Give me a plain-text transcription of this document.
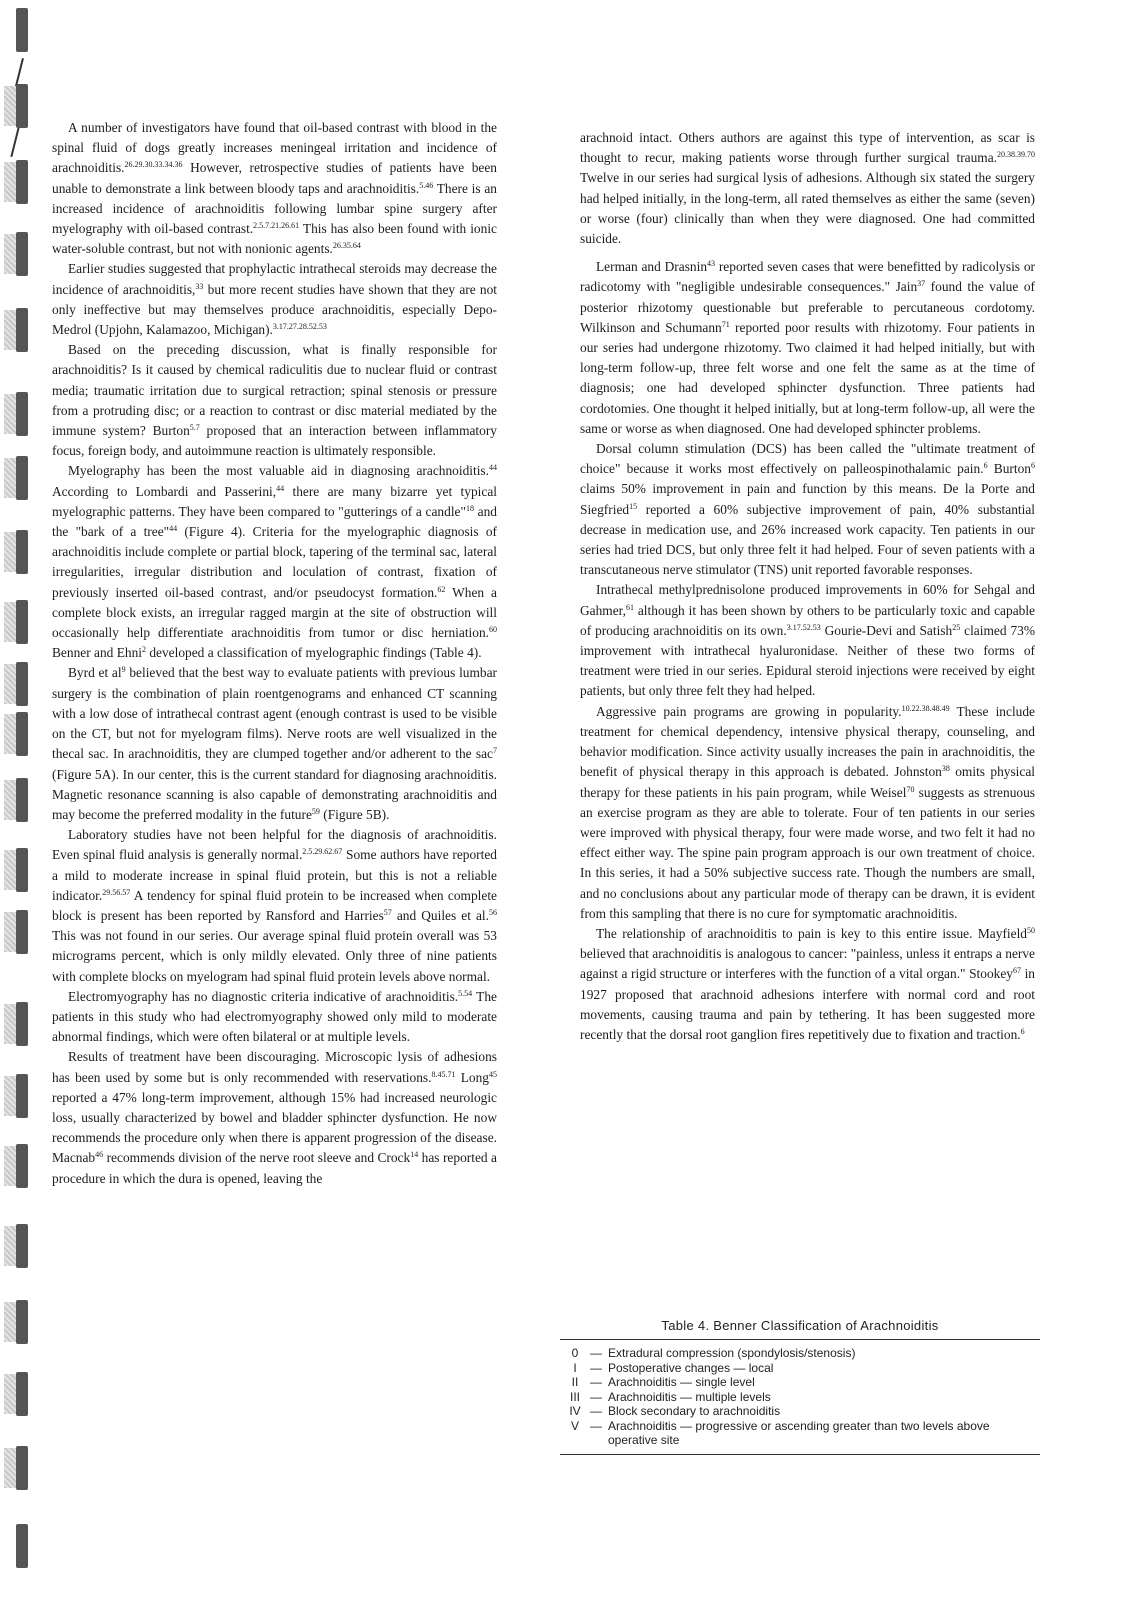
A number of investigators have found that oil-based contrast with blood in the spinal fluid of dogs greatly increases meningeal irritation and incidence of arachnoiditis.$^{26.29.30.33.34.36}$ However, retrospective studies of patients have been unable to demonstrate a link between bloody taps and arachnoiditis.$^{5.46}$ There is an increased incidence of arachnoiditis following lumbar spine surgery after myelography with oil-based contrast.$^{2.5.7.21.26.61}$ This has also been found with ionic water-soluble contrast, but not with nonionic agents.$^{26.35.64}$

Earlier studies suggested that prophylactic intrathecal steroids may decrease the incidence of arachnoiditis,$^{33}$ but more recent studies have shown that they are not only ineffective but may themselves produce arachnoiditis, especially Depo-Medrol (Upjohn, Kalamazoo, Michigan).$^{3.17.27.28.52.53}$

Based on the preceding discussion, what is finally responsible for arachnoiditis? Is it caused by chemical radiculitis due to nuclear fluid or contrast media; traumatic irritation due to surgical retraction; spinal stenosis or pressure from a protruding disc; or a reaction to contrast or disc material mediated by the immune system? Burton$^{5.7}$ proposed that an interaction between inflammatory focus, foreign body, and autoimmune reaction is ultimately responsible.

Myelography has been the most valuable aid in diagnosing arachnoiditis.$^{44}$ According to Lombardi and Passerini,$^{44}$ there are many bizarre yet typical myelographic patterns. They have been compared to "gutterings of a candle"$^{18}$ and the "bark of a tree"$^{44}$ (Figure 4). Criteria for the myelographic diagnosis of arachnoiditis include complete or partial block, tapering of the terminal sac, lateral irregularities, irregular distribution and loculation of contrast, fixation of previously inserted oil-based contrast, and/or pseudocyst formation.$^{62}$ When a complete block exists, an irregular ragged margin at the site of obstruction will occasionally help differentiate arachnoiditis from tumor or disc herniation.$^{60}$ Benner and Ehni$^2$ developed a classification of myelographic findings (Table 4).

Byrd et $al^9$ believed that the best way to evaluate patients with previous lumbar surgery is the combination of plain roentgenograms and enhanced CT scanning with a low dose of intrathecal contrast agent (enough contrast is used to be visible on the CT, but not for myelogram films). Nerve roots are well visualized in the thecal sac. In arachnoiditis, they are clumped together and/or adherent to the sac$^7$ (Figure 5A). In our center, this is the current standard for diagnosing arachnoiditis. Magnetic resonance scanning is also capable of demonstrating arachnoiditis and may become the preferred modality in the future$^{59}$ (Figure 5B).

Laboratory studies have not been helpful for the diagnosis of arachnoiditis. Even spinal fluid analysis is generally normal.$^{2.5.29.62.67}$ Some authors have reported a mild to moderate increase in spinal fluid protein, but this is not a reliable indicator.$^{29.56.57}$ A tendency for spinal fluid protein to be increased when complete block is present has been reported by Ransford and Harries$^{57}$ and Quiles et al.$^{56}$ This was not found in our series. Our average spinal fluid protein overall was 53 micrograms percent, which is only mildly elevated. Only three of nine patients with complete blocks on myelogram had spinal fluid protein levels above normal.

Electromyography has no diagnostic criteria indicative of arachnoiditis.$^{5.54}$ The patients in this study who had electromyography showed only mild to moderate abnormal findings, which were often bilateral or at multiple levels.

Results of treatment have been discouraging. Microscopic lysis of adhesions has been used by some but is only recommended with reservations.$^{8.45.71}$ Long$^{45}$ reported a 47% long-term improvement, although 15% had increased neurologic loss, usually characterized by bowel and bladder sphincter dysfunction. He now recommends the procedure only when there is apparent progression of the disease. Macnab$^{46}$ recommends division of the nerve root sleeve and Crock$^{14}$ has reported a procedure in which the dura is opened, leaving the

arachnoid intact. Others authors are against this type of intervention, as scar is thought to recur, making patients worse through further surgical trauma.$^{20.38.39.70}$ Twelve in our series had surgical lysis of adhesions. Although six stated the surgery had helped initially, in the long-term, all rated themselves as either the same (seven) or worse (four) clinically than when they were diagnosed. One had committed suicide.

Lerman and Drasnin$^{43}$ reported seven cases that were benefitted by radicolysis or radicotomy with "negligible undesirable consequences." Jain$^{37}$ found the value of posterior rhizotomy questionable but preferable to percutaneous cordotomy. Wilkinson and Schumann$^{71}$ reported poor results with rhizotomy. Four patients in our series had undergone rhizotomy. Two claimed it had helped initially, but with long-term follow-up, three felt worse and one felt the same as at the time of diagnosis; one had developed sphincter dysfunction. Three patients had cordotomies. One thought it helped initially, but at long-term follow-up, all were the same or worse as when diagnosed. One had developed sphincter problems.

Dorsal column stimulation (DCS) has been called the "ultimate treatment of choice" because it works most effectively on palleospinothalamic pain.$^6$ Burton$^6$ claims 50% improvement in pain and function by this means. De la Porte and Siegfried$^{15}$ reported a 60% subjective improvement of pain, 40% substantial decrease in medication use, and 26% increased work capacity. Ten patients in our series had tried DCS, but only three felt it had helped. Four of seven patients with a transcutaneous nerve stimulator (TNS) unit reported favorable responses.

Intrathecal methylprednisolone produced improvements in 60% for Sehgal and Gahmer,$^{61}$ although it has been shown by others to be particularly toxic and capable of producing arachnoiditis on its own.$^{3.17.52.53}$ Gourie-Devi and Satish$^{25}$ claimed 73% improvement with intrathecal hyaluronidase. Neither of these two forms of treatment were tried in our series. Epidural steroid injections were received by eight patients, but only three felt they had helped.

Aggressive pain programs are growing in popularity.$^{10.22.38.48.49}$ These include treatment for chemical dependency, intensive physical therapy, counseling, and behavior modification. Since activity usually increases the pain in arachnoiditis, the benefit of physical therapy in this approach is debated. Johnston$^{38}$ omits physical therapy for these patients in his pain program, while Weisel$^{70}$ suggests as strenuous an exercise program as they are able to tolerate. Four of ten patients in our series were improved with physical therapy, four were made worse, and two felt it had no effect either way. The spine pain program approach is our own treatment of choice. In this series, it had a 50% subjective success rate. Though the numbers are small, and no conclusions about any particular mode of therapy can be drawn, it is evident from this sampling that there is no cure for symptomatic arachnoiditis.

The relationship of arachnoiditis to pain is key to this entire issue. Mayfield$^{50}$ believed that arachnoiditis is analogous to cancer: "painless, unless it entraps a nerve against a rigid structure or interferes with the function of a vital organ." Stookey$^{67}$ in 1927 proposed that arachnoid adhesions interfere with normal cord and root movements, causing trauma and pain by tethering. It has been suggested more recently that the dorsal root ganglion fires repetitively due to fixation and traction.$^6$

Table 4. Benner Classification of Arachnoiditis
0 — Extradural compression (spondylosis/stenosis)
I	— Postoperative changes — local
II — Arachnoiditis — single level
III — Arachnoiditis — multiple levels
IV — Block secondary to arachnoiditis
V — Arachnoiditis — progressive or ascending greater than two levels above operative site
